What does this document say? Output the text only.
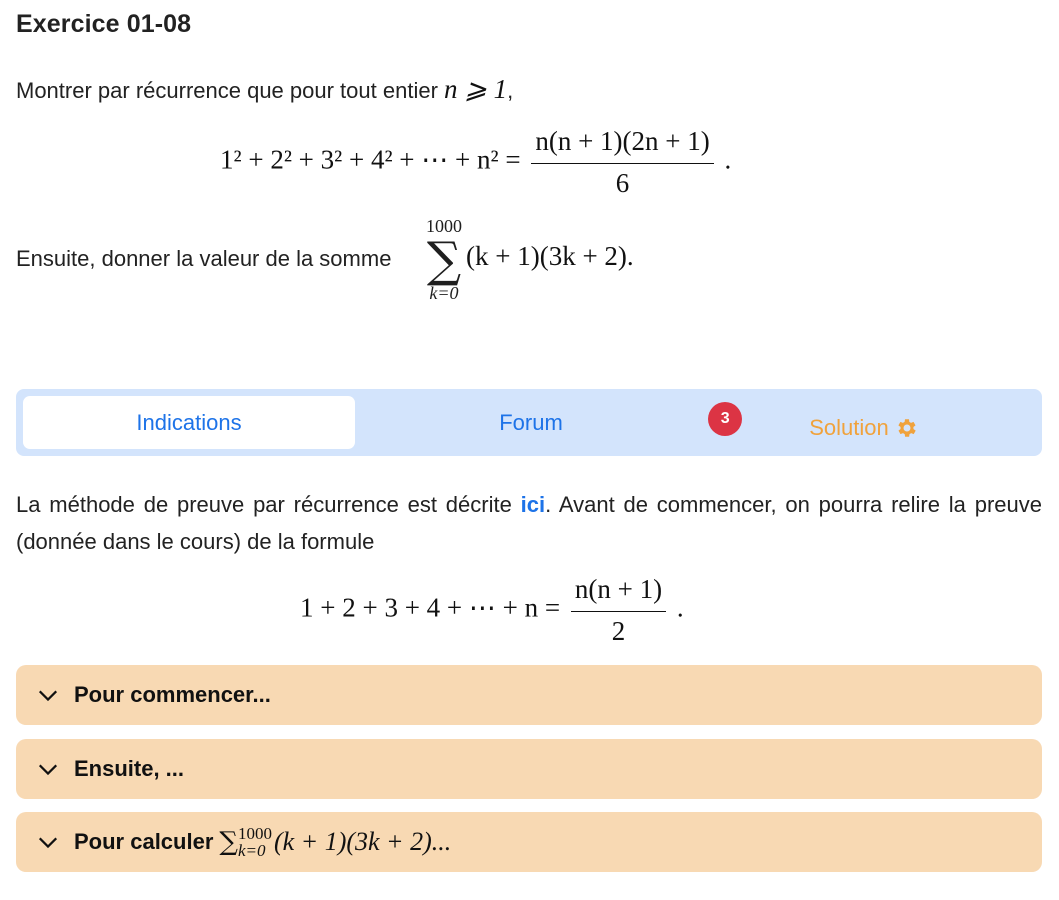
Exercice 01-08
Montrer par récurrence que pour tout entier n ⩾ 1,
1² + 2² + 3² + 4² + ⋯ + $n^2 = \frac{n(n + 1)(2n + 1)}{6}$ .
Ensuite, donner la valeur de la somme
1000
∑
k=0
(k + 1)(3k + 2).
Indications	Forum	3	Solution
La méthode de preuve par récurrence est décrite ici. Avant de commencer, on pourra relire la preuve (donnée dans le cours) de la formule
1 + 2 + 3 + 4 + ⋯ + $n = \frac{n(n + 1)}{2}$ .
Pour commencer...
Ensuite, ...
Pour calculer ∑ 1000
k=0 (k + 1)(3k + 2)...
